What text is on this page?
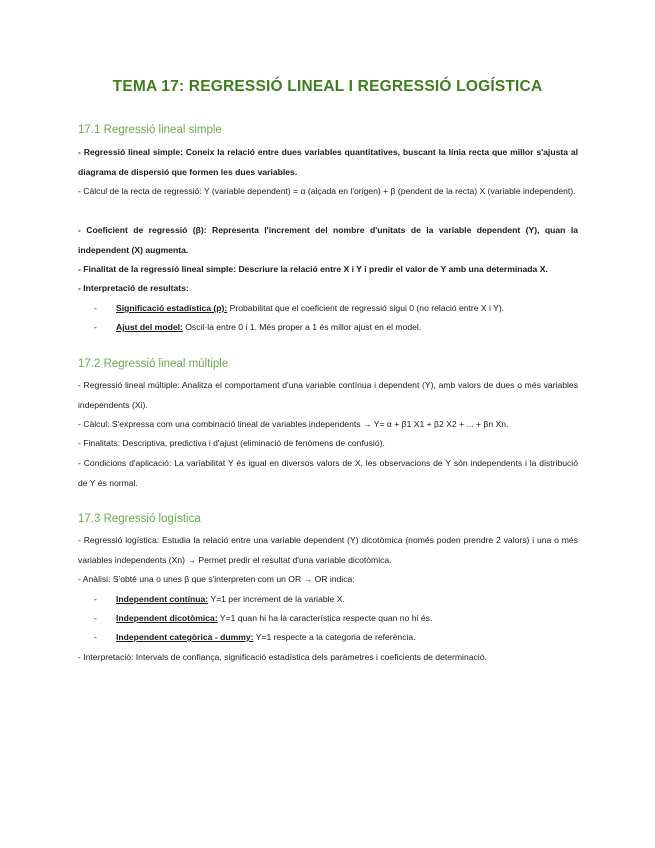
TEMA 17: REGRESSIÓ LINEAL I REGRESSIÓ LOGÍSTICA
17.1 Regressió lineal simple
- Regressió lineal simple: Coneix la relació entre dues variables quantitatives, buscant la línia recta que millor s'ajusta al diagrama de dispersió que formen les dues variables.
- Càlcul de la recta de regressió: Y (variable dependent) = α (alçada en l'origen) + β (pendent de la recta) X (variable independent).
- Coeficient de regressió (β): Representa l'increment del nombre d'unitats de la variable dependent (Y), quan la independent (X) augmenta.
- Finalitat de la regressió lineal simple: Descriure la relació entre X i Y i predir el valor de Y amb una determinada X.
- Interpretació de resultats:
- Significació estadística (p): Probabilitat que el coeficient de regressió sigui 0 (no relació entre X i Y).
- Ajust del model: Oscil·la entre 0 i 1. Més proper a 1 és millor ajust en el model.
17.2 Regressió lineal múltiple
- Regressió lineal múltiple: Analitza el comportament d'una variable contínua i dependent (Y), amb valors de dues o més variables independents (Xi).
- Càlcul: S'expressa com una combinació lineal de variables independents → Y= α + β1 X1 + β2 X2 + ... + βn Xn.
- Finalitats: Descriptiva, predictiva i d'ajust (eliminació de fenòmens de confusió).
- Condicions d'aplicació: La variabilitat Y és igual en diversos valors de X, les observacions de Y són independents i la distribució de Y és normal.
17.3 Regressió logística
- Regressió logística: Estudia la relació entre una variable dependent (Y) dicotòmica (només poden prendre 2 valors) i una o més variables independents (Xn) → Permet predir el resultat d'una variable dicotòmica.
- Anàlisi: S'obté una o unes β que s'interpreten com un OR → OR indica:
- Independent contínua: Y=1 per increment de la variable X.
- Independent dicotòmica: Y=1 quan hi ha la característica respecte quan no hi és.
- Independent categòrica - dummy: Y=1 respecte a la categoria de referència.
- Interpretació: Intervals de confiança, significació estadística dels paràmetres i coeficients de determinació.
